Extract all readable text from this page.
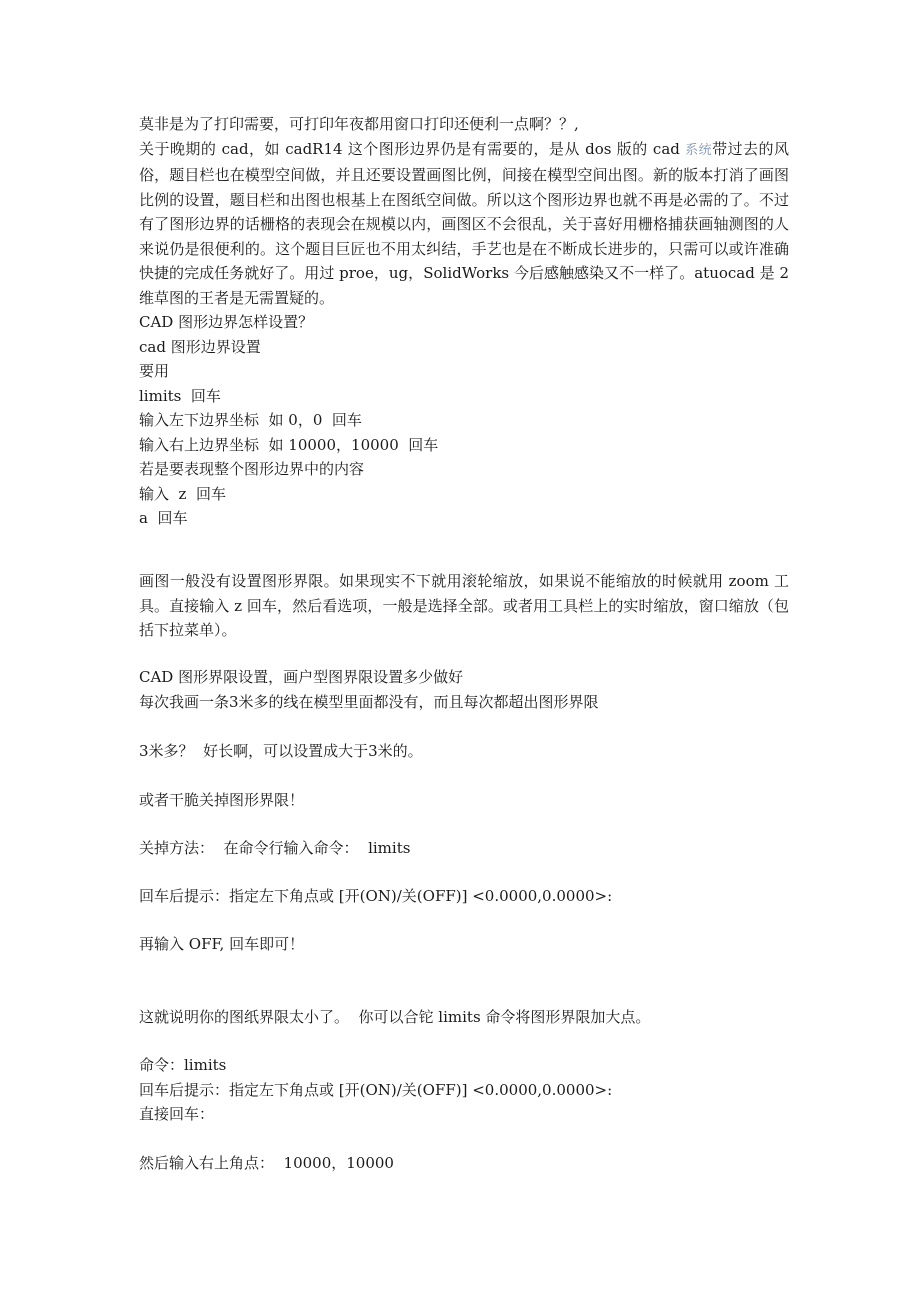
莫非是为了打印需要，可打印年夜都用窗口打印还便利一点啊？？,
关于晚期的 cad，如 cadR14 这个图形边界仍是有需要的，是从 dos 版的 cad 系统带过去的风俗，题目栏也在模型空间做，并且还要设置画图比例，间接在模型空间出图。新的版本打消了画图比例的设置，题目栏和出图也根基上在图纸空间做。所以这个图形边界也就不再是必需的了。不过有了图形边界的话栅格的表现会在规模以内，画图区不会很乱，关于喜好用栅格捕获画轴测图的人来说仍是很便利的。这个题目巨匠也不用太纠结，手艺也是在不断成长进步的，只需可以或许准确快捷的完成任务就好了。用过 proe，ug，SolidWorks 今后感触感染又不一样了。atuocad 是 2 维草图的王者是无需置疑的。
CAD 图形边界怎样设置？
cad 图形边界设置
要用
limits  回车
输入左下边界坐标  如 0，0  回车
输入右上边界坐标  如 10000，10000  回车
若是要表现整个图形边界中的内容
输入  z  回车
a  回车
画图一般没有设置图形界限。如果现实不下就用滚轮缩放，如果说不能缩放的时候就用 zoom 工具。直接输入 z 回车，然后看选项，一般是选择全部。或者用工具栏上的实时缩放，窗口缩放（包括下拉菜单）。
CAD 图形界限设置，画户型图界限设置多少做好
每次我画一条3米多的线在模型里面都没有，而且每次都超出图形界限
3米多？  好长啊，可以设置成大于3米的。
或者干脆关掉图形界限！
关掉方法：  在命令行输入命令：  limits
回车后提示：指定左下角点或 [开(ON)/关(OFF)] <0.0000,0.0000>:
再输入 OFF, 回车即可！
这就说明你的图纸界限太小了。  你可以合铊 limits 命令将图形界限加大点。
命令：limits
回车后提示：指定左下角点或 [开(ON)/关(OFF)] <0.0000,0.0000>:
直接回车：
然后输入右上角点：  10000，10000
